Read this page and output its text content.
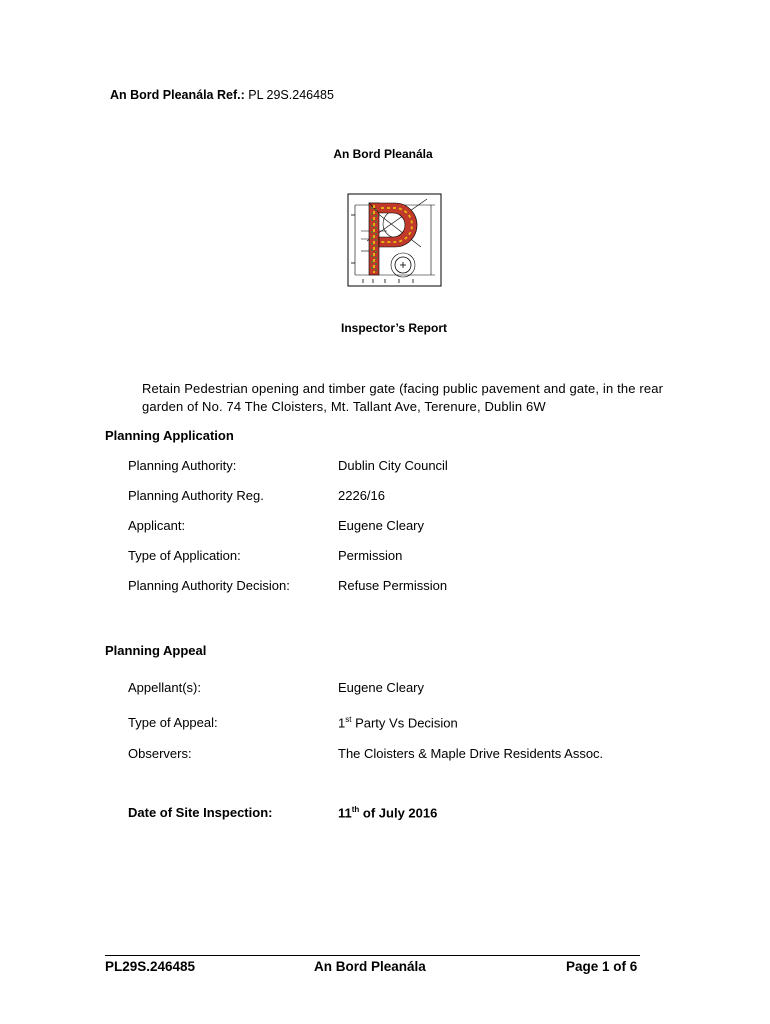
An Bord Pleanála Ref.: PL 29S.246485
An Bord Pleanála
Inspector’s Report
Retain Pedestrian opening and timber gate (facing public pavement and gate, in the rear garden of No. 74 The Cloisters, Mt. Tallant Ave, Terenure, Dublin 6W
Planning Application
Planning Authority:	Dublin City Council
Planning Authority Reg.	2226/16
Applicant:	Eugene Cleary
Type of Application:	Permission
Planning Authority Decision:	Refuse Permission
Planning Appeal
Appellant(s):	Eugene Cleary
Type of Appeal:	1st Party Vs Decision
Observers:	The Cloisters & Maple Drive Residents Assoc.
Date of Site Inspection:	11th of July 2016
PL29S.246485	An Bord Pleanála	Page 1 of 6
